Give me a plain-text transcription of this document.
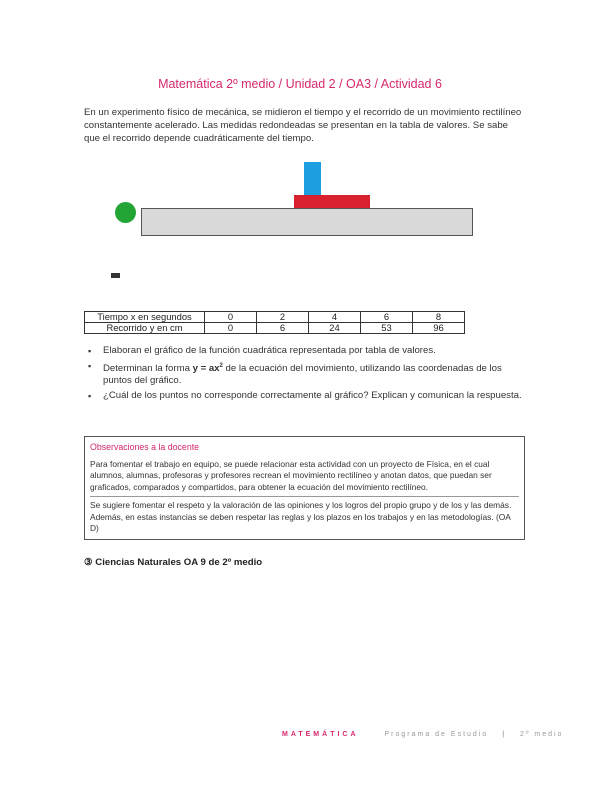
Matemática 2º medio / Unidad 2 / OA3 / Actividad 6

En un experimento físico de mecánica, se midieron el tiempo y el recorrido de un movimiento rectilíneo constantemente acelerado. Las medidas redondeadas se presentan en la tabla de valores. Se sabe que el recorrido depende cuadráticamente del tiempo.

Tiempo x en segundos	0	2	4	6	8
Recorrido y en cm	0	6	24	53	96
▪ Elaboran el gráfico de la función cuadrática representada por tabla de valores.
▪ Determinan la forma $y = ax^2$ de la ecuación del movimiento, utilizando las coordenadas de los puntos del gráfico.
▪ ¿Cuál de los puntos no corresponde correctamente al gráfico? Explican y comunican la respuesta.
Observaciones a la docente

Para fomentar el trabajo en equipo, se puede relacionar esta actividad con un proyecto de Física, en el cual alumnos, alumnas, profesoras y profesores recrean el movimiento rectilíneo y anotan datos, que puedan ser graficados, comparados y compartidos, para obtener la ecuación del movimiento rectilíneo.

Se sugiere fomentar el respeto y la valoración de las opiniones y los logros del propio grupo y de los y las demás. Además, en estas instancias se deben respetar las reglas y los plazos en los trabajos y en las metodologías. (OA D)

③ Ciencias Naturales OA 9 de 2º medio
MATEMÁTICA	Programa de Estudio | 2º medio
